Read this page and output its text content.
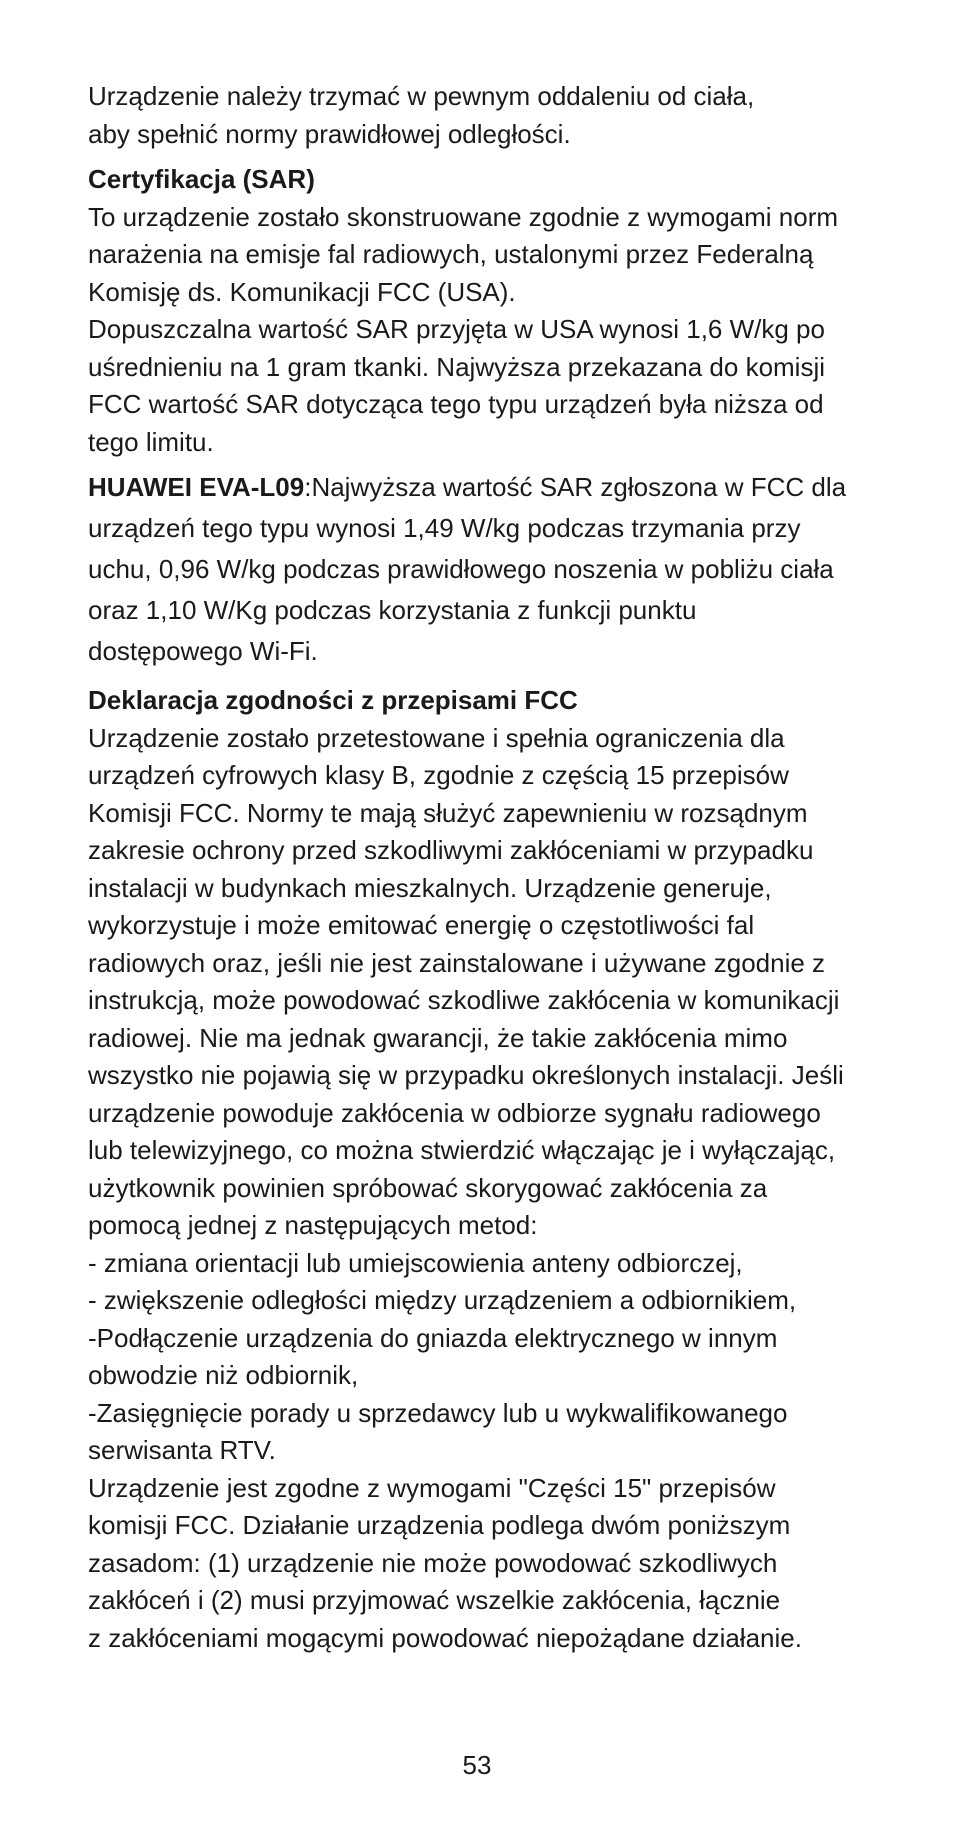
Urządzenie należy trzymać w pewnym oddaleniu od ciała,
aby spełnić normy prawidłowej odległości.

Certyfikacja (SAR)

To urządzenie zostało skonstruowane zgodnie z wymogami norm
narażenia na emisje fal radiowych, ustalonymi przez Federalną
Komisję ds. Komunikacji FCC (USA).

Dopuszczalna wartość SAR przyjęta w USA wynosi 1,6 W/kg po
uśrednieniu na 1 gram tkanki. Najwyższa przekazana do komisji
FCC wartość SAR dotycząca tego typu urządzeń była niższa od
tego limitu.

HUAWEI EVA-L09:Najwyższa wartość SAR zgłoszona w FCC dla
urządzeń tego typu wynosi 1,49 W/kg podczas trzymania przy
uchu, 0,96 W/kg podczas prawidłowego noszenia w pobliżu ciała
oraz 1,10 W/Kg podczas korzystania z funkcji punktu
dostępowego Wi-Fi.

Deklaracja zgodności z przepisami FCC

Urządzenie zostało przetestowane i spełnia ograniczenia dla
urządzeń cyfrowych klasy B, zgodnie z częścią 15 przepisów
Komisji FCC. Normy te mają służyć zapewnieniu w rozsądnym
zakresie ochrony przed szkodliwymi zakłóceniami w przypadku
instalacji w budynkach mieszkalnych. Urządzenie generuje,
wykorzystuje i może emitować energię o częstotliwości fal
radiowych oraz, jeśli nie jest zainstalowane i używane zgodnie z
instrukcją, może powodować szkodliwe zakłócenia w komunikacji
radiowej. Nie ma jednak gwarancji, że takie zakłócenia mimo
wszystko nie pojawią się w przypadku określonych instalacji. Jeśli
urządzenie powoduje zakłócenia w odbiorze sygnału radiowego
lub telewizyjnego, co można stwierdzić włączając je i wyłączając,
użytkownik powinien spróbować skorygować zakłócenia za
pomocą jednej z następujących metod:
- zmiana orientacji lub umiejscowienia anteny odbiorczej,
- zwiększenie odległości między urządzeniem a odbiornikiem,
-Podłączenie urządzenia do gniazda elektrycznego w innym
obwodzie niż odbiornik,
-Zasięgnięcie porady u sprzedawcy lub u wykwalifikowanego
serwisanta RTV.
Urządzenie jest zgodne z wymogami "Części 15" przepisów
komisji FCC. Działanie urządzenia podlega dwóm poniższym
zasadom: (1) urządzenie nie może powodować szkodliwych
zakłóceń i (2) musi przyjmować wszelkie zakłócenia, łącznie
z zakłóceniami mogącymi powodować niepożądane działanie.

53
